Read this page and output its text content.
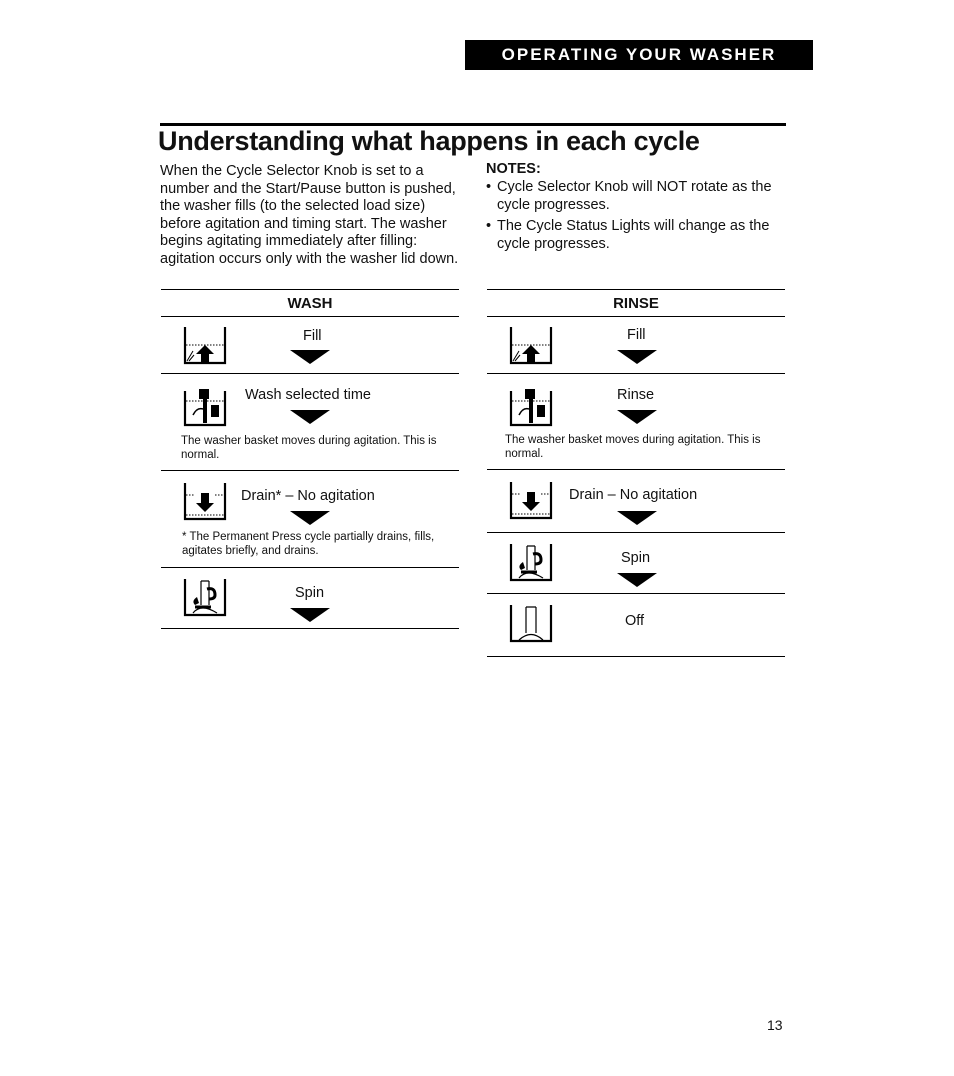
OPERATING YOUR WASHER
Understanding what happens in each cycle
When the Cycle Selector Knob is set to a number and the Start/Pause button is pushed, the washer fills (to the selected load size) before agitation and timing start. The washer begins agitating immediately after filling: agitation occurs only with the washer lid down.
NOTES:
• Cycle Selector Knob will NOT rotate as the cycle progresses.
• The Cycle Status Lights will change as the cycle progresses.
WASH
Fill
Wash selected time
The washer basket moves during agitation. This is normal.
Drain* – No agitation
* The Permanent Press cycle partially drains, fills, agitates briefly, and drains.
Spin
RINSE
Fill
Rinse
The washer basket moves during agitation. This is normal.
Drain – No agitation
Spin
Off
13
